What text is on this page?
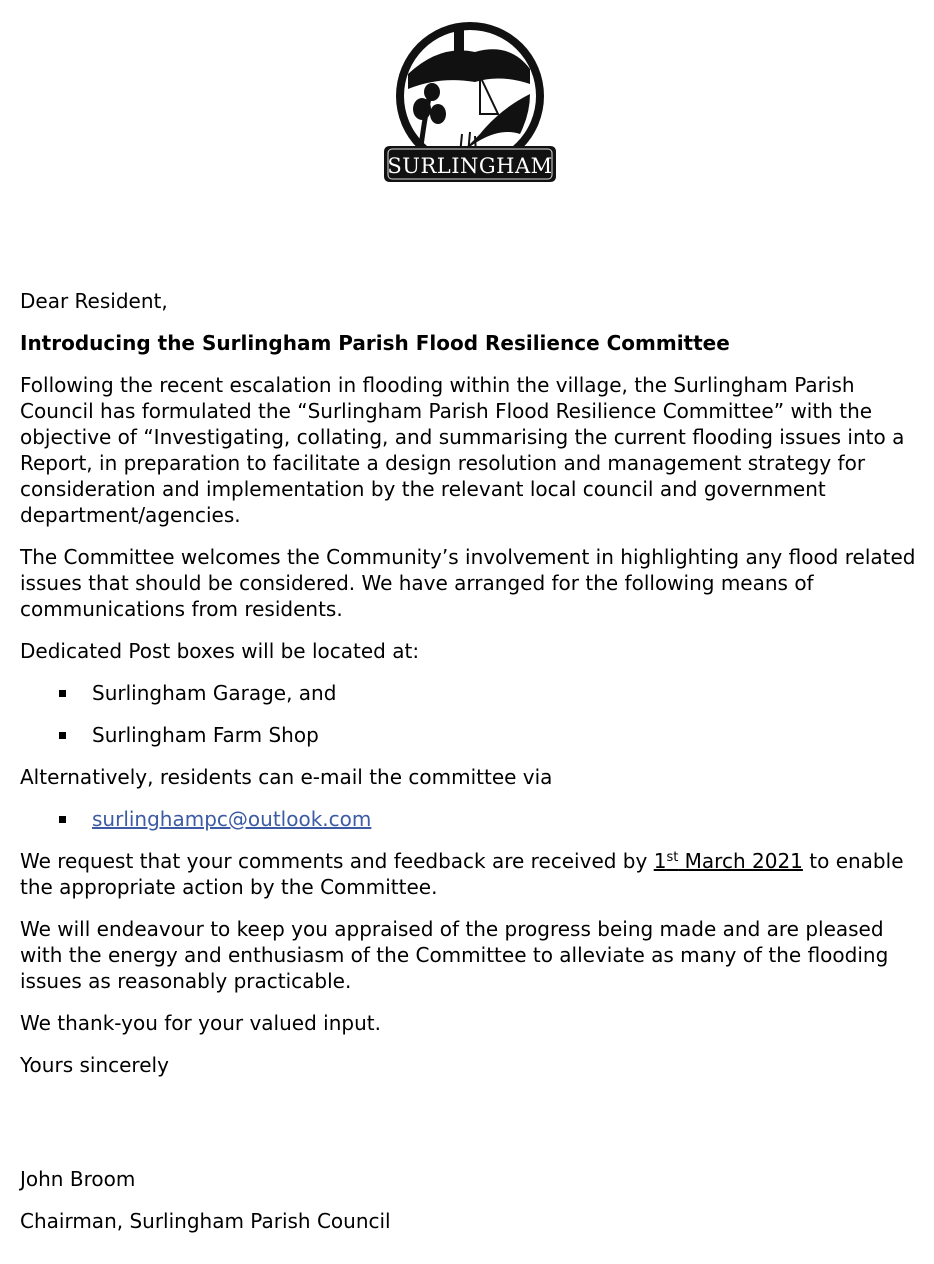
SURLINGHAM

Dear Resident,

Introducing the Surlingham Parish Flood Resilience Committee

Following the recent escalation in flooding within the village, the Surlingham Parish Council has formulated the “Surlingham Parish Flood Resilience Committee” with the objective of “Investigating, collating, and summarising the current flooding issues into a Report, in preparation to facilitate a design resolution and management strategy for consideration and implementation by the relevant local council and government department/agencies.

The Committee welcomes the Community’s involvement in highlighting any flood related issues that should be considered. We have arranged for the following means of communications from residents.

Dedicated Post boxes will be located at:

Surlingham Garage, and
Surlingham Farm Shop

Alternatively, residents can e-mail the committee via

surlinghampc@outlook.com

We request that your comments and feedback are received by 1st March 2021 to enable the appropriate action by the Committee.

We will endeavour to keep you appraised of the progress being made and are pleased with the energy and enthusiasm of the Committee to alleviate as many of the flooding issues as reasonably practicable.

We thank-you for your valued input.

Yours sincerely

John Broom

Chairman, Surlingham Parish Council
